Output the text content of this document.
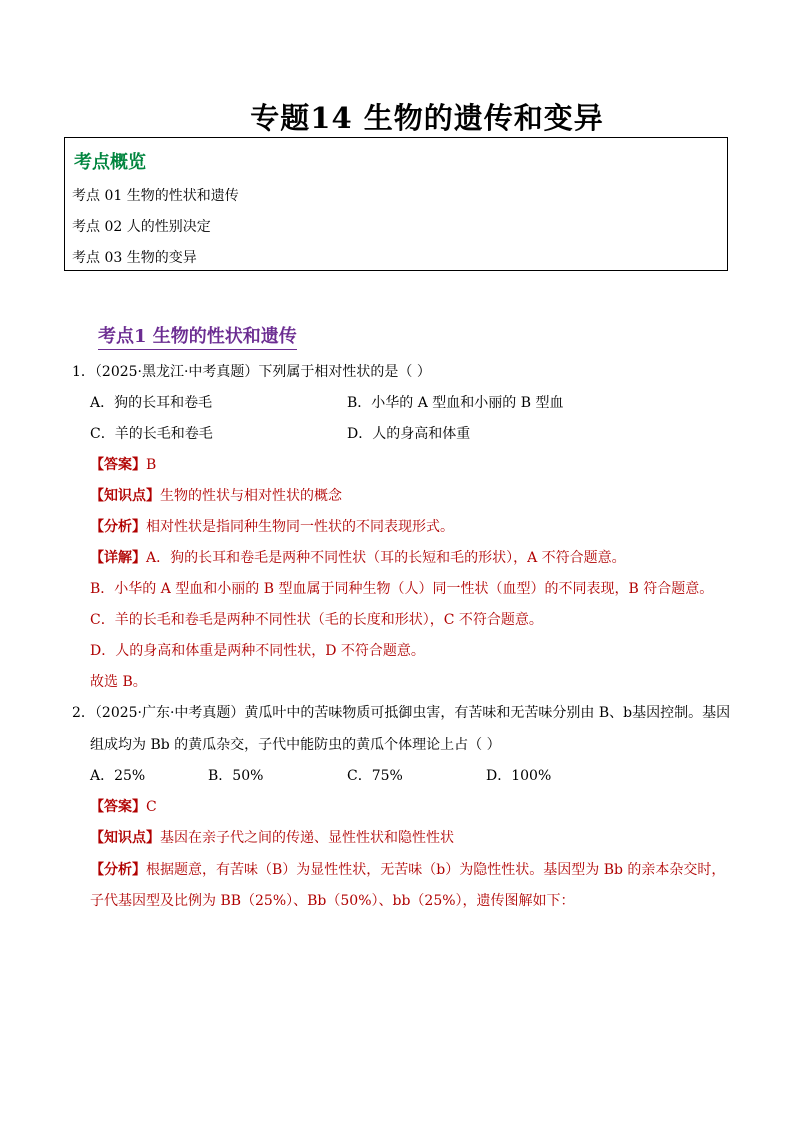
专题14 生物的遗传和变异
考点概览
考点 01 生物的性状和遗传
考点 02 人的性别决定
考点 03 生物的变异
考点1 生物的性状和遗传
1．（2025·黑龙江·中考真题）下列属于相对性状的是（ ）
A．狗的长耳和卷毛	B．小华的 A 型血和小丽的 B 型血
C．羊的长毛和卷毛	D．人的身高和体重
【答案】B
【知识点】生物的性状与相对性状的概念
【分析】相对性状是指同种生物同一性状的不同表现形式。
【详解】A．狗的长耳和卷毛是两种不同性状（耳的长短和毛的形状），A 不符合题意。
B．小华的 A 型血和小丽的 B 型血属于同种生物（人）同一性状（血型）的不同表现，B 符合题意。
C．羊的长毛和卷毛是两种不同性状（毛的长度和形状），C 不符合题意。
D．人的身高和体重是两种不同性状，D 不符合题意。
故选 B。
2．（2025·广东·中考真题）黄瓜叶中的苦味物质可抵御虫害，有苦味和无苦味分别由 B、b基因控制。基因
组成均为 Bb 的黄瓜杂交，子代中能防虫的黄瓜个体理论上占（ ）
A．25%	B．50%	C．75%	D．100%
【答案】C
【知识点】基因在亲子代之间的传递、显性性状和隐性性状
【分析】根据题意，有苦味（B）为显性性状，无苦味（b）为隐性性状。基因型为 Bb 的亲本杂交时，
子代基因型及比例为 BB（25%）、Bb（50%）、bb（25%），遗传图解如下：
